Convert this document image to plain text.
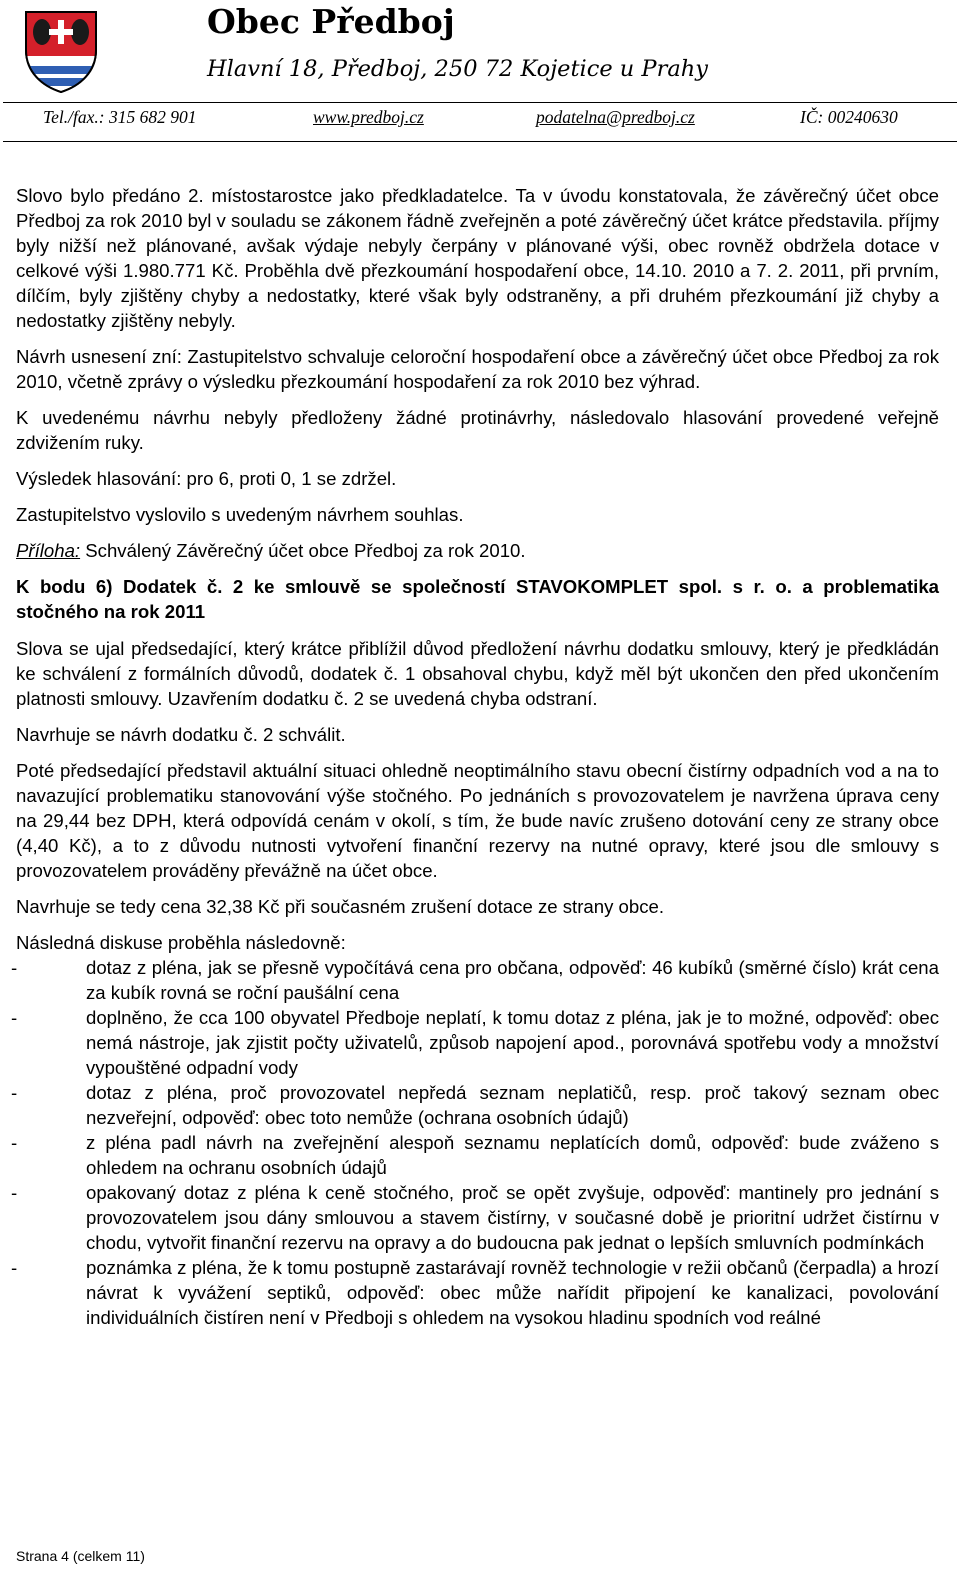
Obec Předboj
Hlavní 18, Předboj, 250 72 Kojetice u Prahy
Tel./fax.: 315 682 901	www.predboj.cz	podatelna@predboj.cz	IČ: 00240630

Slovo bylo předáno 2. místostarostce jako předkladatelce. Ta v úvodu konstatovala, že závěrečný účet obce Předboj za rok 2010 byl v souladu se zákonem řádně zveřejněn a poté závěrečný účet krátce představila. příjmy byly nižší než plánované, avšak výdaje nebyly čerpány v plánované výši, obec rovněž obdržela dotace v celkové výši 1.980.771 Kč. Proběhla dvě přezkoumání hospodaření obce, 14.10. 2010 a 7. 2. 2011, při prvním, dílčím, byly zjištěny chyby a nedostatky, které však byly odstraněny, a při druhém přezkoumání již chyby a nedostatky zjištěny nebyly.

Návrh usnesení zní: Zastupitelstvo schvaluje celoroční hospodaření obce a závěrečný účet obce Předboj za rok 2010, včetně zprávy o výsledku přezkoumání hospodaření za rok 2010 bez výhrad.

K uvedenému návrhu nebyly předloženy žádné protinávrhy, následovalo hlasování provedené veřejně zdvižením ruky.

Výsledek hlasování: pro 6, proti 0, 1 se zdržel.

Zastupitelstvo vyslovilo s uvedeným návrhem souhlas.

Příloha: Schválený Závěrečný účet obce Předboj za rok 2010.

K bodu 6) Dodatek č. 2 ke smlouvě se společností STAVOKOMPLET spol. s r. o. a problematika stočného na rok 2011

Slova se ujal předsedající, který krátce přiblížil důvod předložení návrhu dodatku smlouvy, který je předkládán ke schválení z formálních důvodů, dodatek č. 1 obsahoval chybu, když měl být ukončen den před ukončením platnosti smlouvy. Uzavřením dodatku č. 2 se uvedená chyba odstraní.

Navrhuje se návrh dodatku č. 2 schválit.

Poté předsedající představil aktuální situaci ohledně neoptimálního stavu obecní čistírny odpadních vod a na to navazující problematiku stanovování výše stočného. Po jednáních s provozovatelem je navržena úprava ceny na 29,44 bez DPH, která odpovídá cenám v okolí, s tím, že bude navíc zrušeno dotování ceny ze strany obce (4,40 Kč), a to z důvodu nutnosti vytvoření finanční rezervy na nutné opravy, které jsou dle smlouvy s provozovatelem prováděny převážně na účet obce.

Navrhuje se tedy cena 32,38 Kč při současném zrušení dotace ze strany obce.

Následná diskuse proběhla následovně:

-	dotaz z pléna, jak se přesně vypočítává cena pro občana, odpověď: 46 kubíků (směrné číslo) krát cena za kubík rovná se roční paušální cena
-	doplněno, že cca 100 obyvatel Předboje neplatí, k tomu dotaz z pléna, jak je to možné, odpověď: obec nemá nástroje, jak zjistit počty uživatelů, způsob napojení apod., porovnává spotřebu vody a množství vypouštěné odpadní vody
-	dotaz z pléna, proč provozovatel nepředá seznam neplatičů, resp. proč takový seznam obec nezveřejní, odpověď: obec toto nemůže (ochrana osobních údajů)
-	z pléna padl návrh na zveřejnění alespoň seznamu neplatících domů, odpověď: bude zváženo s ohledem na ochranu osobních údajů
-	opakovaný dotaz z pléna k ceně stočného, proč se opět zvyšuje, odpověď: mantinely pro jednání s provozovatelem jsou dány smlouvou a stavem čistírny, v současné době je prioritní udržet čistírnu v chodu, vytvořit finanční rezervu na opravy a do budoucna pak jednat o lepších smluvních podmínkách
-	poznámka z pléna, že k tomu postupně zastarávají rovněž technologie v režii občanů (čerpadla) a hrozí návrat k vyvážení septiků, odpověď: obec může nařídit připojení ke kanalizaci, povolování individuálních čistíren není v Předboji s ohledem na vysokou hladinu spodních vod reálné
Strana 4 (celkem 11)
